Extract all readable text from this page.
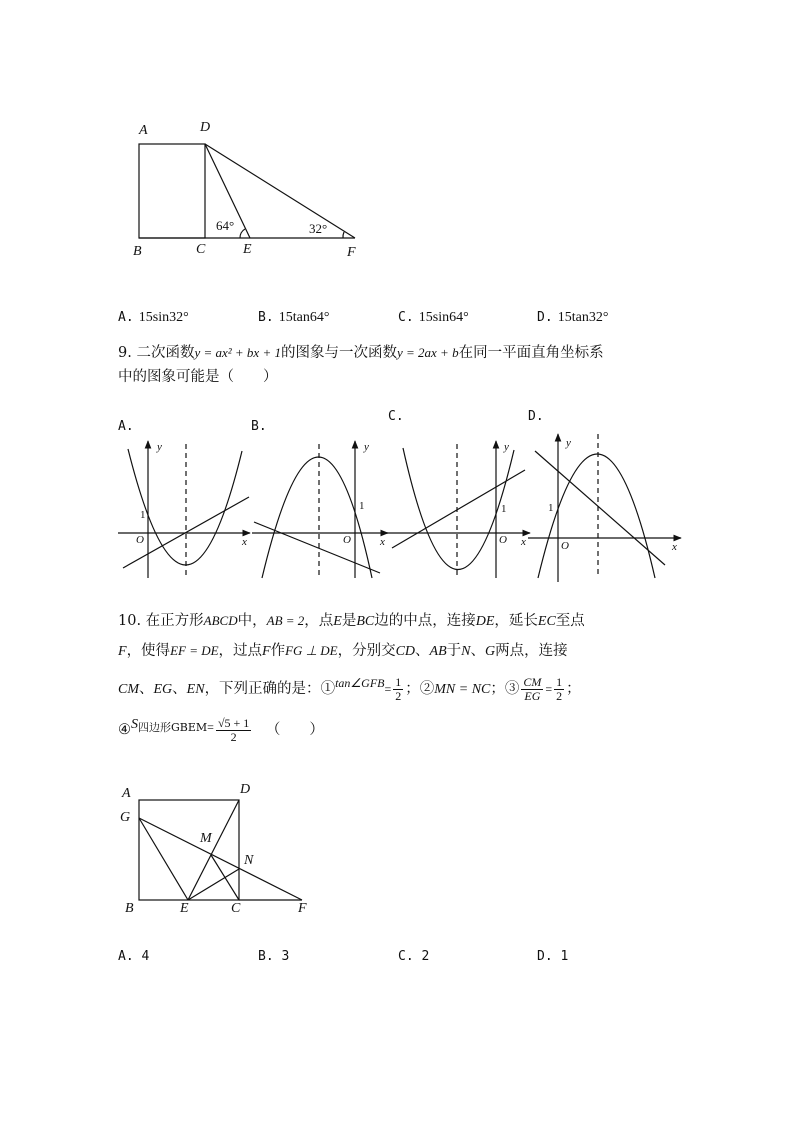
A	D
B	C	E	F
64°	32°
A. 15sin32°	B. 15tan64°	C. 15sin64°	D. 15tan32°
9. 二次函数y = ax² + bx + 1的图象与一次函数y = 2ax + b在同一平面直角坐标系
中的图象可能是（　　）
A.	B.
C.	D.
y
x
O
1
y
x
O
1
y
x
O
1
y
x
O
1
10. 在正方形ABCD中，AB = 2，点E是BC边的中点，连接DE，延长EC至点
F，使得EF = DE，过点F作FG ⊥ DE，分别交CD、AB于N、G两点，连接
CM、EG、EN，下列正确的是：①$^{tan\angle GFB}$= $\frac{1}{2}$ ；②MN = NC；③ $\frac{CM}{EG} = \frac{1}{2}$ ；
$④S^{四边形GBEM=} \frac{√5 + 1}{2}$ （　　）
A	D
G
M
N
B	E	C	F
A. 4	B. 3	C. 2	D. 1
